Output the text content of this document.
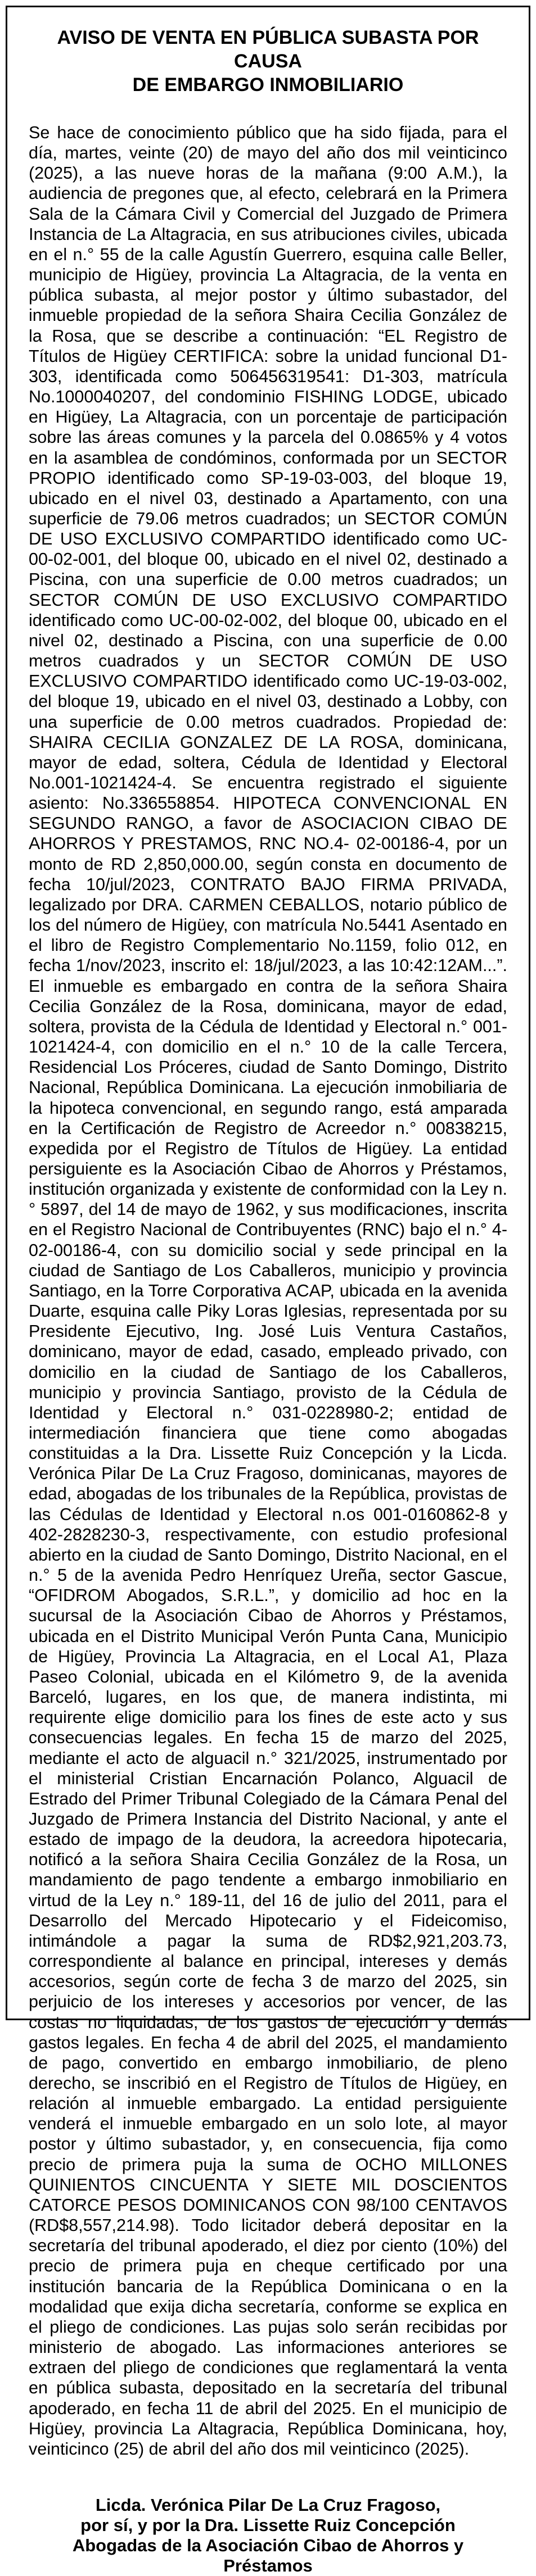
AVISO DE VENTA EN PÚBLICA SUBASTA POR CAUSA
DE EMBARGO INMOBILIARIO

Se hace de conocimiento público que ha sido fijada, para el día, martes, veinte (20) de mayo del año dos mil veinticinco (2025), a las nueve horas de la mañana (9:00 A.M.), la audiencia de pregones que, al efecto, celebrará en la Primera Sala de la Cámara Civil y Comercial del Juzgado de Primera Instancia de La Altagracia, en sus atribuciones civiles, ubicada en el n.° 55 de la calle Agustín Guerrero, esquina calle Beller, municipio de Higüey, provincia La Altagracia, de la venta en pública subasta, al mejor postor y último subastador, del inmueble propiedad de la señora Shaira Cecilia González de la Rosa, que se describe a continuación: “EL Registro de Títulos de Higüey CERTIFICA: sobre la unidad funcional D1-303, identificada como 506456319541: D1-303, matrícula No.1000040207, del condominio FISHING LODGE, ubicado en Higüey, La Altagracia, con un porcentaje de participación sobre las áreas comunes y la parcela del 0.0865% y 4 votos en la asamblea de condóminos, conformada por un SECTOR PROPIO identificado como SP-19-03-003, del bloque 19, ubicado en el nivel 03, destinado a Apartamento, con una superficie de 79.06 metros cuadrados; un SECTOR COMÚN DE USO EXCLUSIVO COMPARTIDO identificado como UC-00-02-001, del bloque 00, ubicado en el nivel 02, destinado a Piscina, con una superficie de 0.00 metros cuadrados; un SECTOR COMÚN DE USO EXCLUSIVO COMPARTIDO identificado como UC-00-02-002, del bloque 00, ubicado en el nivel 02, destinado a Piscina, con una superficie de 0.00 metros cuadrados y un SECTOR COMÚN DE USO EXCLUSIVO COMPARTIDO identificado como UC-19-03-002, del bloque 19, ubicado en el nivel 03, destinado a Lobby, con una superficie de 0.00 metros cuadrados. Propiedad de: SHAIRA CECILIA GONZALEZ DE LA ROSA, dominicana, mayor de edad, soltera, Cédula de Identidad y Electoral No.001-1021424-4. Se encuentra registrado el siguiente asiento: No.336558854. HIPOTECA CONVENCIONAL EN SEGUNDO RANGO, a favor de ASOCIACION CIBAO DE AHORROS Y PRESTAMOS, RNC NO.4- 02-00186-4, por un monto de RD 2,850,000.00, según consta en documento de fecha 10/jul/2023, CONTRATO BAJO FIRMA PRIVADA, legalizado por DRA. CARMEN CEBALLOS, notario público de los del número de Higüey, con matrícula No.5441 Asentado en el libro de Registro Complementario No.1159, folio 012, en fecha 1/nov/2023, inscrito el: 18/jul/2023, a las 10:42:12AM...”. El inmueble es embargado en contra de la señora Shaira Cecilia González de la Rosa, dominicana, mayor de edad, soltera, provista de la Cédula de Identidad y Electoral n.° 001-1021424-4, con domicilio en el n.° 10 de la calle Tercera, Residencial Los Próceres, ciudad de Santo Domingo, Distrito Nacional, República Dominicana. La ejecución inmobiliaria de la hipoteca convencional, en segundo rango, está amparada en la Certificación de Registro de Acreedor n.° 00838215, expedida por el Registro de Títulos de Higüey. La entidad persiguiente es la Asociación Cibao de Ahorros y Préstamos, institución organizada y existente de conformidad con la Ley n.° 5897, del 14 de mayo de 1962, y sus modificaciones, inscrita en el Registro Nacional de Contribuyentes (RNC) bajo el n.° 4-02-00186-4, con su domicilio social y sede principal en la ciudad de Santiago de Los Caballeros, municipio y provincia Santiago, en la Torre Corporativa ACAP, ubicada en la avenida Duarte, esquina calle Piky Loras Iglesias, representada por su Presidente Ejecutivo, Ing. José Luis Ventura Castaños, dominicano, mayor de edad, casado, empleado privado, con domicilio en la ciudad de Santiago de los Caballeros, municipio y provincia Santiago, provisto de la Cédula de Identidad y Electoral n.° 031-0228980-2; entidad de intermediación financiera que tiene como abogadas constituidas a la Dra. Lissette Ruiz Concepción y la Licda. Verónica Pilar De La Cruz Fragoso, dominicanas, mayores de edad, abogadas de los tribunales de la República, provistas de las Cédulas de Identidad y Electoral n.os 001-0160862-8 y 402-2828230-3, respectivamente, con estudio profesional abierto en la ciudad de Santo Domingo, Distrito Nacional, en el n.° 5 de la avenida Pedro Henríquez Ureña, sector Gascue, “OFIDROM Abogados, S.R.L.”, y domicilio ad hoc en la sucursal de la Asociación Cibao de Ahorros y Préstamos, ubicada en el Distrito Municipal Verón Punta Cana, Municipio de Higüey, Provincia La Altagracia, en el Local A1, Plaza Paseo Colonial, ubicada en el Kilómetro 9, de la avenida Barceló, lugares, en los que, de manera indistinta, mi requirente elige domicilio para los fines de este acto y sus consecuencias legales. En fecha 15 de marzo del 2025, mediante el acto de alguacil n.° 321/2025, instrumentado por el ministerial Cristian Encarnación Polanco, Alguacil de Estrado del Primer Tribunal Colegiado de la Cámara Penal del Juzgado de Primera Instancia del Distrito Nacional, y ante el estado de impago de la deudora, la acreedora hipotecaria, notificó a la señora Shaira Cecilia González de la Rosa, un mandamiento de pago tendente a embargo inmobiliario en virtud de la Ley n.° 189-11, del 16 de julio del 2011, para el Desarrollo del Mercado Hipotecario y el Fideicomiso, intimándole a pagar la suma de RD$2,921,203.73, correspondiente al balance en principal, intereses y demás accesorios, según corte de fecha 3 de marzo del 2025, sin perjuicio de los intereses y accesorios por vencer, de las costas no liquidadas, de los gastos de ejecución y demás gastos legales. En fecha 4 de abril del 2025, el mandamiento de pago, convertido en embargo inmobiliario, de pleno derecho, se inscribió en el Registro de Títulos de Higüey, en relación al inmueble embargado. La entidad persiguiente venderá el inmueble embargado en un solo lote, al mayor postor y último subastador, y, en consecuencia, fija como precio de primera puja la suma de OCHO MILLONES QUINIENTOS CINCUENTA Y SIETE MIL DOSCIENTOS CATORCE PESOS DOMINICANOS CON 98/100 CENTAVOS (RD$8,557,214.98). Todo licitador deberá depositar en la secretaría del tribunal apoderado, el diez por ciento (10%) del precio de primera puja en cheque certificado por una institución bancaria de la República Dominicana o en la modalidad que exija dicha secretaría, conforme se explica en el pliego de condiciones. Las pujas solo serán recibidas por ministerio de abogado. Las informaciones anteriores se extraen del pliego de condiciones que reglamentará la venta en pública subasta, depositado en la secretaría del tribunal apoderado, en fecha 11 de abril del 2025. En el municipio de Higüey, provincia La Altagracia, República Dominicana, hoy, veinticinco (25) de abril del año dos mil veinticinco (2025).

Licda. Verónica Pilar De La Cruz Fragoso,
por sí, y por la Dra. Lissette Ruiz Concepción
Abogadas de la Asociación Cibao de Ahorros y Préstamos
